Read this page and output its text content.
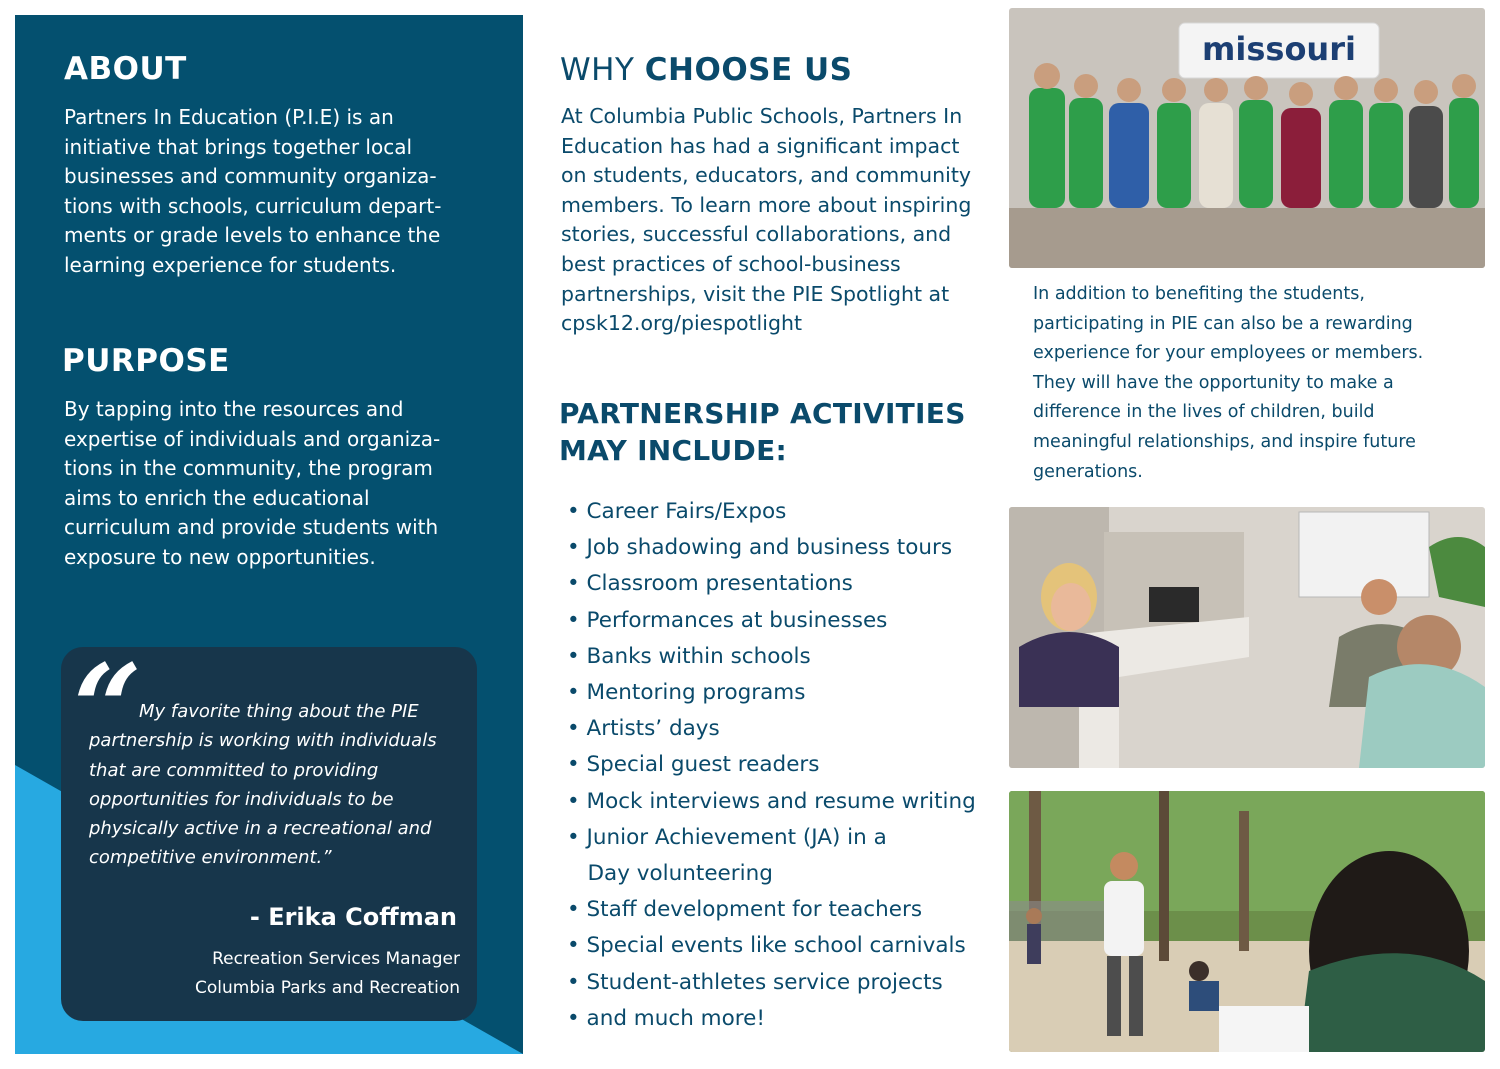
ABOUT

Partners In Education (P.I.E) is an
initiative that brings together local
businesses and community organiza-
tions with schools, curriculum depart-
ments or grade levels to enhance the
learning experience for students.

PURPOSE

By tapping into the resources and
expertise of individuals and organiza-
tions in the community, the program
aims to enrich the educational
curriculum and provide students with
exposure to new opportunities.

“
My favorite thing about the PIE
partnership is working with individuals
that are committed to providing
opportunities for individuals to be
physically active in a recreational and
competitive environment.”
- Erika Coffman
Recreation Services Manager
Columbia Parks and Recreation
WHY CHOOSE US

At Columbia Public Schools, Partners In
Education has had a significant impact
on students, educators, and community
members. To learn more about inspiring
stories, successful collaborations, and
best practices of school-business
partnerships, visit the PIE Spotlight at
cpsk12.org/piespotlight

PARTNERSHIP ACTIVITIES
MAY INCLUDE:
• Career Fairs/Expos
• Job shadowing and business tours
• Classroom presentations
• Performances at businesses
• Banks within schools
• Mentoring programs
• Artists’ days
• Special guest readers
• Mock interviews and resume writing
• Junior Achievement (JA) in a
Day volunteering
• Staff development for teachers
• Special events like school carnivals
• Student-athletes service projects
• and much more!
missouri

In addition to benefiting the students,
participating in PIE can also be a rewarding
experience for your employees or members.
They will have the opportunity to make a
difference in the lives of children, build
meaningful relationships, and inspire future
generations.
